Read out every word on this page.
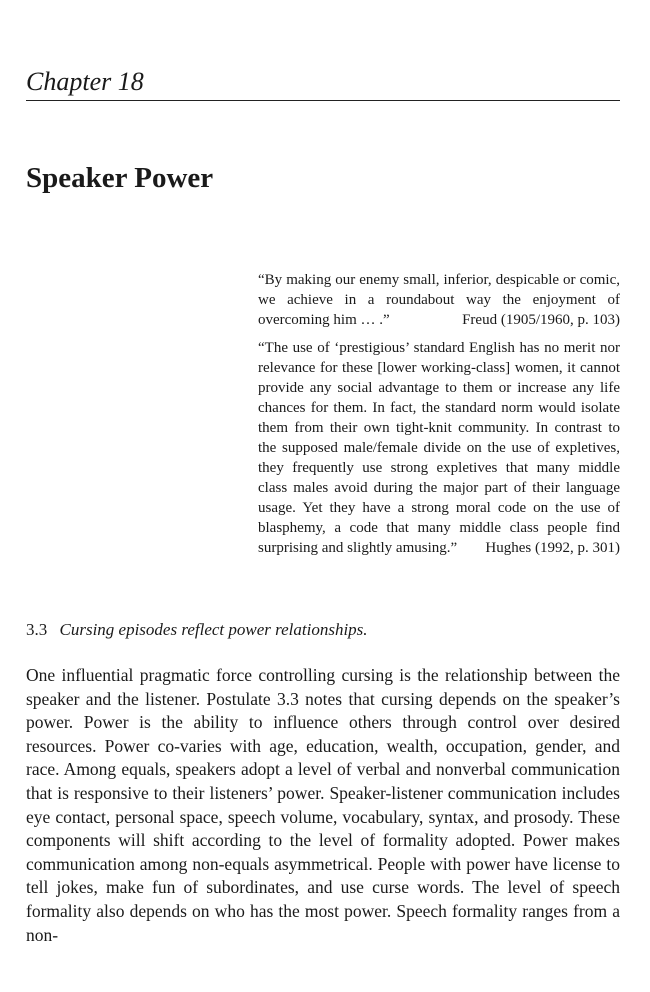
Chapter 18
Speaker Power

“By making our enemy small, inferior, despicable or comic, we achieve in a roundabout way the enjoyment of overcoming him … .”	Freud (1905/1960, p. 103)

“The use of ‘prestigious’ standard English has no merit nor relevance for these [lower working-class] women, it cannot provide any social advantage to them or increase any life chances for them. In fact, the standard norm would isolate them from their own tight-knit community. In contrast to the supposed male/female divide on the use of expletives, they frequently use strong expletives that many middle class males avoid during the major part of their language usage. Yet they have a strong moral code on the use of blasphemy, a code that many middle class people find surprising and slightly amusing.” Hughes (1992, p. 301)

3.3 Cursing episodes reflect power relationships.

One influential pragmatic force controlling cursing is the relationship between the speaker and the listener. Postulate 3.3 notes that cursing depends on the speaker’s power. Power is the ability to influence others through control over desired resources. Power co-varies with age, education, wealth, occupation, gender, and race. Among equals, speakers adopt a level of verbal and nonverbal communication that is responsive to their listeners’ power. Speaker-listener communication includes eye contact, personal space, speech volume, vocabulary, syntax, and prosody. These components will shift according to the level of formality adopted. Power makes communication among non-equals asymmetrical. People with power have license to tell jokes, make fun of subordinates, and use curse words. The level of speech formality also depends on who has the most power. Speech formality ranges from a non-
